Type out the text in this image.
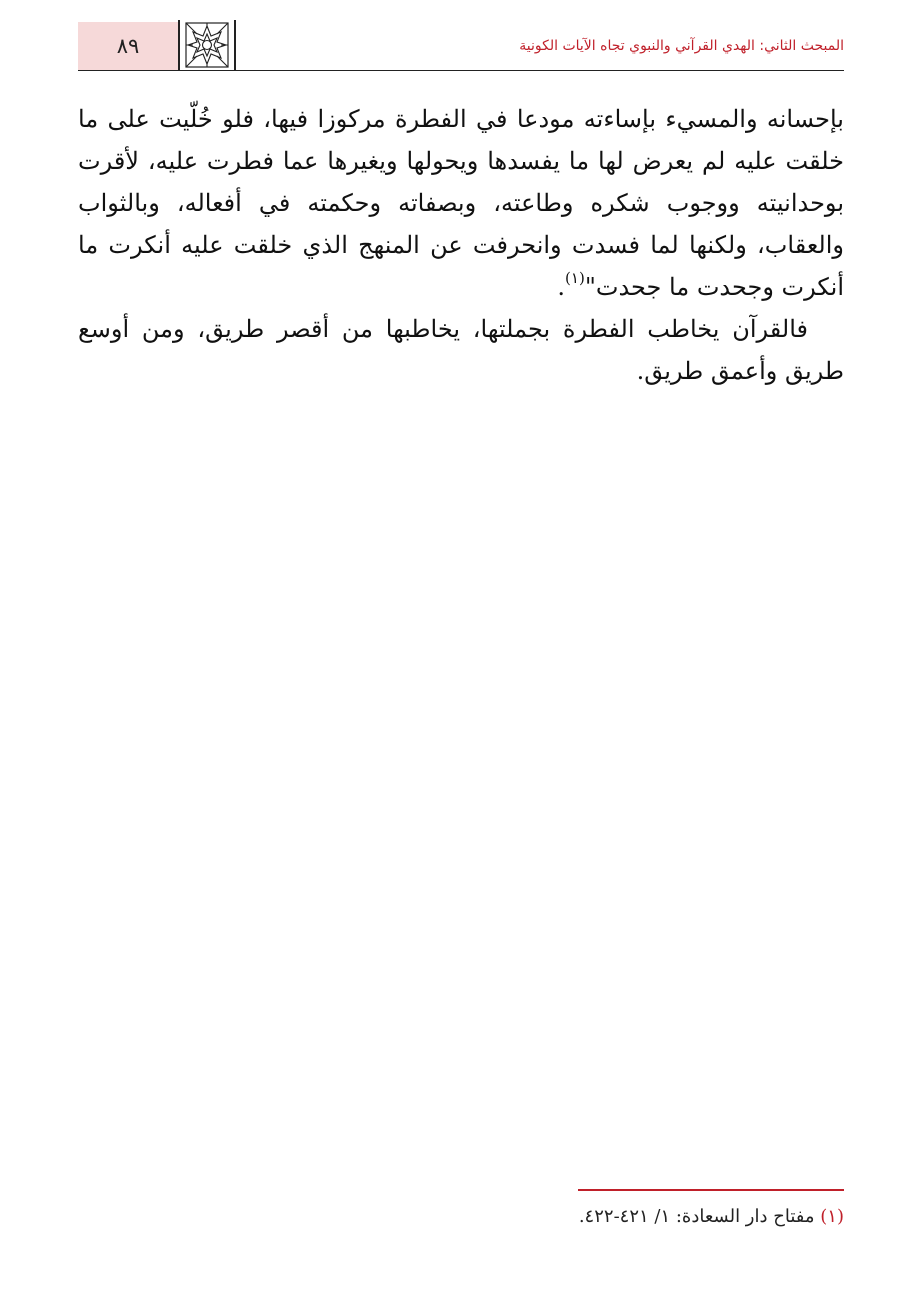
٨٩	المبحث الثاني: الهدي القرآني والنبوي تجاه الآيات الكونية

بإحسانه والمسيء بإساءته مودعا في الفطرة مركوزا فيها، فلو خُلّيت على ما خلقت عليه لم يعرض لها ما يفسدها ويحولها ويغيرها عما فطرت عليه، لأقرت بوحدانيته ووجوب شكره وطاعته، وبصفاته وحكمته في أفعاله، وبالثواب والعقاب، ولكنها لما فسدت وانحرفت عن المنهج الذي خلقت عليه أنكرت ما أنكرت وجحدت ما جحدت"$^{(١)}$.

فالقرآن يخاطب الفطرة بجملتها، يخاطبها من أقصر طريق، ومن أوسع طريق وأعمق طريق.

(١) مفتاح دار السعادة: ١/ ٤٢١-٤٢٢.
